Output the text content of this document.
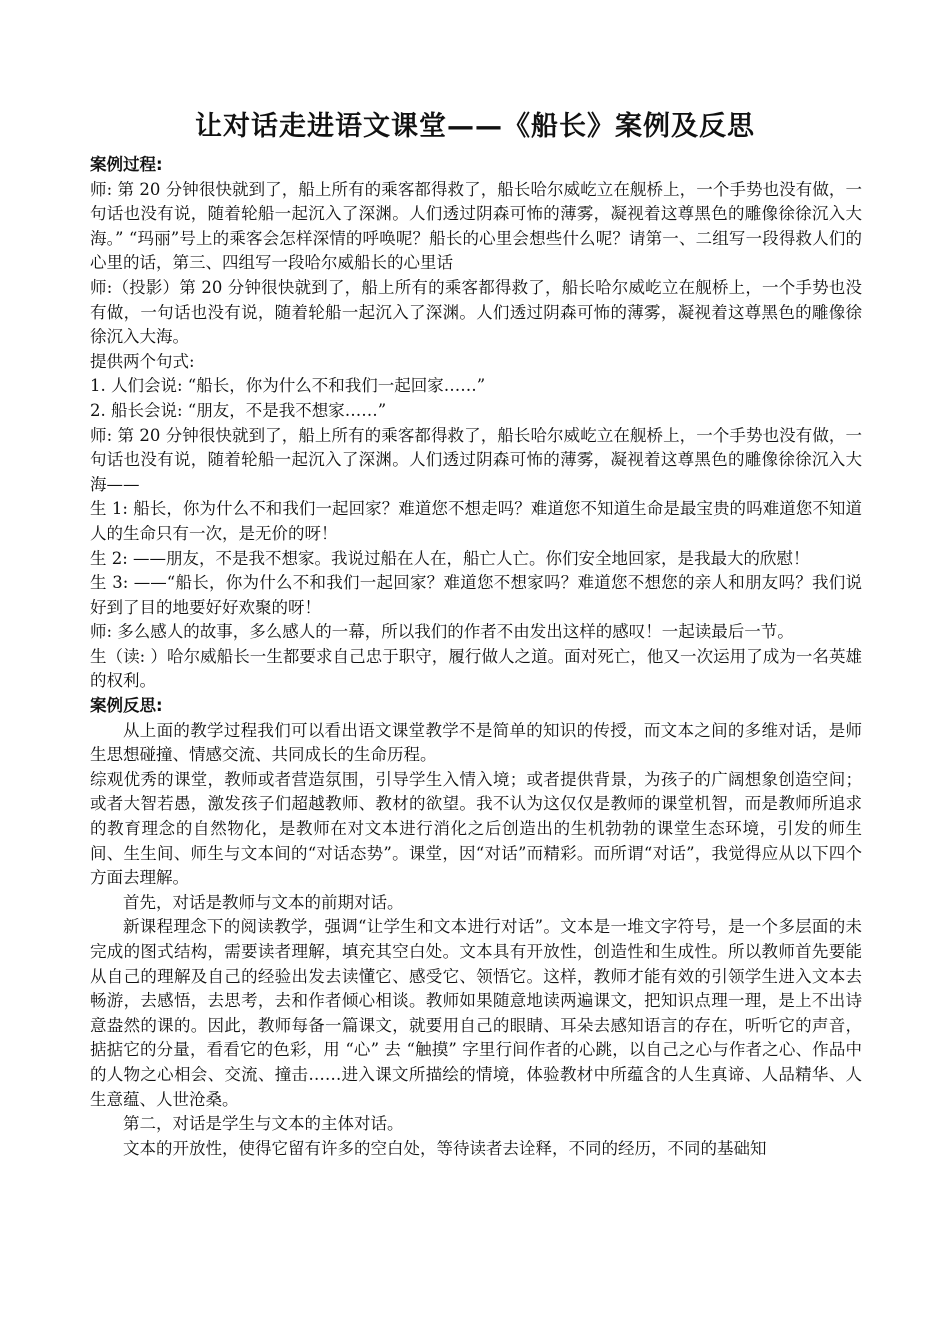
让对话走进语文课堂——《船长》案例及反思

案例过程:

师: 第 20 分钟很快就到了，船上所有的乘客都得救了，船长哈尔威屹立在舰桥上，一个手势也没有做，一句话也没有说，随着轮船一起沉入了深渊。人们透过阴森可怖的薄雾，凝视着这尊黑色的雕像徐徐沉入大海。” “玛丽”号上的乘客会怎样深情的呼唤呢？船长的心里会想些什么呢？请第一、二组写一段得救人们的心里的话，第三、四组写一段哈尔威船长的心里话

师:（投影）第 20 分钟很快就到了，船上所有的乘客都得救了，船长哈尔威屹立在舰桥上，一个手势也没有做，一句话也没有说，随着轮船一起沉入了深渊。人们透过阴森可怖的薄雾，凝视着这尊黑色的雕像徐徐沉入大海。

提供两个句式:

1. 人们会说: “船长，你为什么不和我们一起回家……”

2. 船长会说: “朋友，不是我不想家……”

师: 第 20 分钟很快就到了，船上所有的乘客都得救了，船长哈尔威屹立在舰桥上，一个手势也没有做，一句话也没有说，随着轮船一起沉入了深渊。人们透过阴森可怖的薄雾，凝视着这尊黑色的雕像徐徐沉入大海——

生 1: 船长，你为什么不和我们一起回家？难道您不想走吗？难道您不知道生命是最宝贵的吗难道您不知道人的生命只有一次，是无价的呀！

生 2: ——朋友，不是我不想家。我说过船在人在，船亡人亡。你们安全地回家，是我最大的欣慰！

生 3: ——“船长，你为什么不和我们一起回家？难道您不想家吗？难道您不想您的亲人和朋友吗？我们说好到了目的地要好好欢聚的呀！

师: 多么感人的故事，多么感人的一幕，所以我们的作者不由发出这样的感叹！一起读最后一节。

生（读: ）哈尔威船长一生都要求自己忠于职守，履行做人之道。面对死亡，他又一次运用了成为一名英雄的权利。

案例反思:

从上面的教学过程我们可以看出语文课堂教学不是简单的知识的传授，而文本之间的多维对话，是师生思想碰撞、情感交流、共同成长的生命历程。

综观优秀的课堂，教师或者营造氛围，引导学生入情入境；或者提供背景，为孩子的广阔想象创造空间；或者大智若愚，激发孩子们超越教师、教材的欲望。我不认为这仅仅是教师的课堂机智，而是教师所追求的教育理念的自然物化，是教师在对文本进行消化之后创造出的生机勃勃的课堂生态环境，引发的师生间、生生间、师生与文本间的“对话态势”。课堂，因“对话”而精彩。而所谓“对话”，我觉得应从以下四个方面去理解。

首先，对话是教师与文本的前期对话。

新课程理念下的阅读教学，强调“让学生和文本进行对话”。文本是一堆文字符号，是一个多层面的未完成的图式结构，需要读者理解，填充其空白处。文本具有开放性，创造性和生成性。所以教师首先要能从自己的理解及自己的经验出发去读懂它、感受它、领悟它。这样，教师才能有效的引领学生进入文本去畅游，去感悟，去思考，去和作者倾心相谈。教师如果随意地读两遍课文，把知识点理一理，是上不出诗意盎然的课的。因此，教师每备一篇课文，就要用自己的眼睛、耳朵去感知语言的存在，听听它的声音，掂掂它的分量，看看它的色彩，用 “心” 去 “触摸” 字里行间作者的心跳，以自己之心与作者之心、作品中的人物之心相会、交流、撞击……进入课文所描绘的情境，体验教材中所蕴含的人生真谛、人品精华、人生意蕴、人世沧桑。

第二，对话是学生与文本的主体对话。

文本的开放性，使得它留有许多的空白处，等待读者去诠释，不同的经历，不同的基础知
